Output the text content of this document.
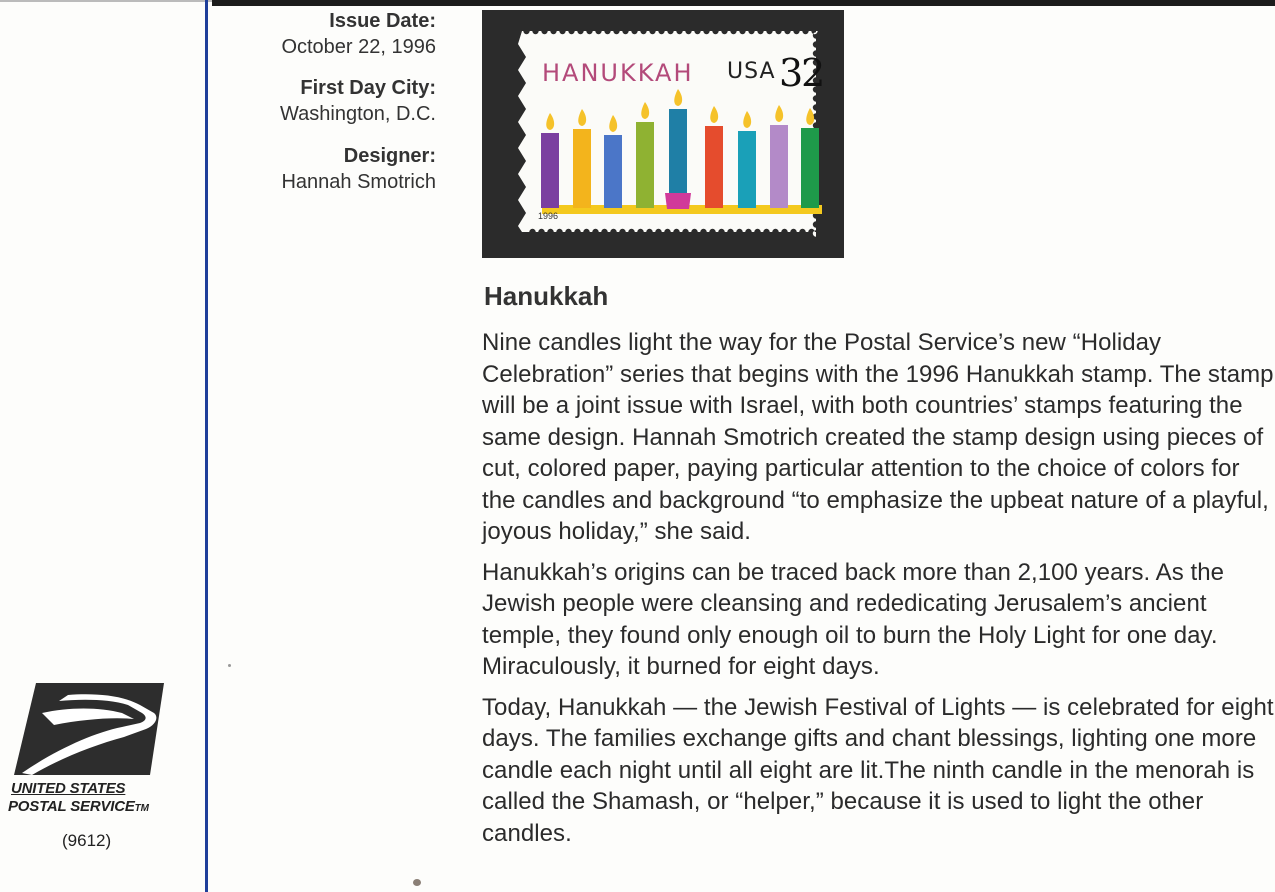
Issue Date:
October 22, 1996
First Day City:
Washington, D.C.
Designer:
Hannah Smotrich
HANUKKAH USA 32
1996
Hanukkah

Nine candles light the way for the Postal Service’s new “Holiday Celebration” series that begins with the 1996 Hanukkah stamp. The stamp will be a joint issue with Israel, with both countries’ stamps featuring the same design. Hannah Smotrich created the stamp design using pieces of cut, colored paper, paying particular attention to the choice of colors for the candles and background “to emphasize the upbeat nature of a playful, joyous holiday,” she said.

Hanukkah’s origins can be traced back more than 2,100 years. As the Jewish people were cleansing and rededicating Jerusalem’s ancient temple, they found only enough oil to burn the Holy Light for one day. Miraculously, it burned for eight days.

Today, Hanukkah — the Jewish Festival of Lights — is celebrated for eight days. The families exchange gifts and chant blessings, lighting one more candle each night until all eight are lit.The ninth candle in the menorah is called the Shamash, or “helper,” because it is used to light the other candles.

UNITED STATES
POSTAL SERVICETM
(9612)
